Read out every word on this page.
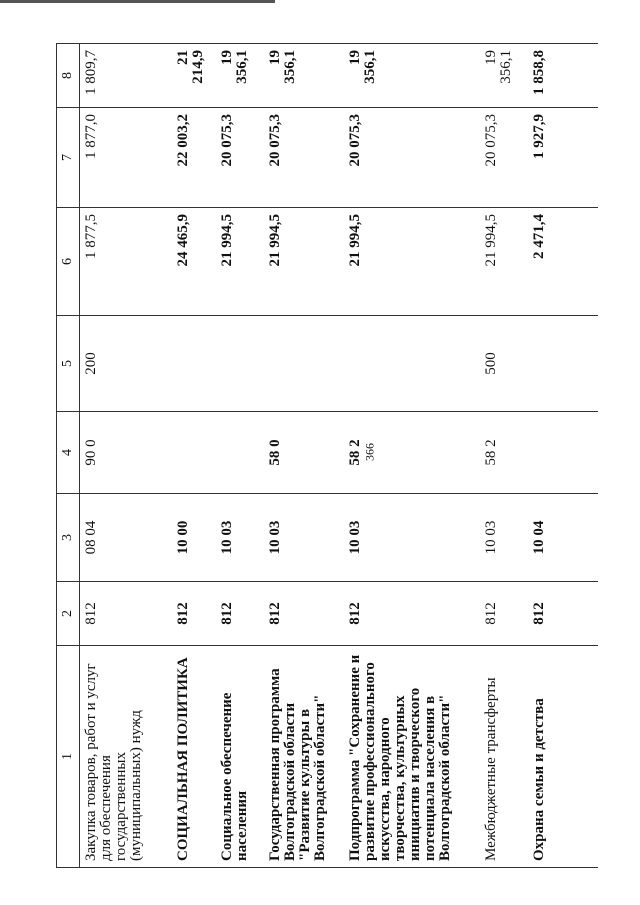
366
1	2	3	4	5	6	7	8
Закупка товаров, работ и услуг для обеспечения государственных (муниципальных) нужд	812	08 04	90 0	200	1 877,5	1 877,0	1 809,7
СОЦИАЛЬНАЯ ПОЛИТИКА	812	10 00			24 465,9	22 003,2	21 214,9
Социальное обеспечение населения	812	10 03			21 994,5	20 075,3	19 356,1
Государственная программа Волгоградской области "Развитие культуры в Волгоградской области"	812	10 03	58 0		21 994,5	20 075,3	19 356,1
Подпрограмма "Сохранение и развитие профессионального искусства, народного творчества, культурных инициатив и творческого потенциала населения в Волгоградской области"	812	10 03	58 2		21 994,5	20 075,3	19 356,1
Межбюджетные трансферты	812	10 03	58 2	500	21 994,5	20 075,3	19 356,1
Охрана семьи и детства	812	10 04			2 471,4	1 927,9	1 858,8
